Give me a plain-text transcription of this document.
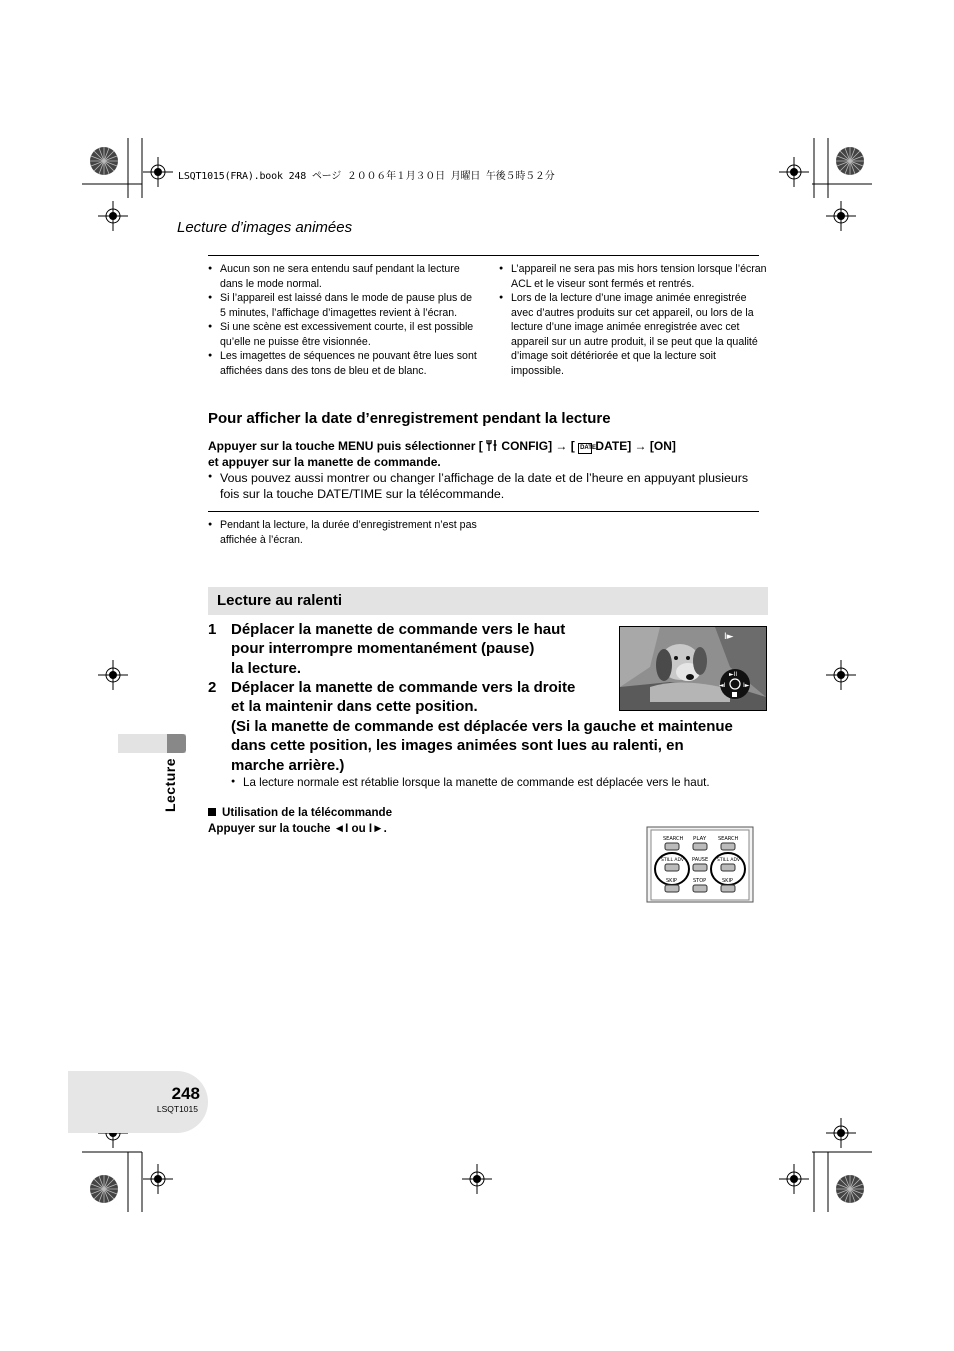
LSQT1015(FRA).book 248 ページ ２００６年１月３０日 月曜日 午後５時５２分
Lecture d’images animées
● Aucun son ne sera entendu sauf pendant la lecture dans le mode normal.
● Si l’appareil est laissé dans le mode de pause plus de 5 minutes, l’affichage d’imagettes revient à l’écran.
● Si une scène est excessivement courte, il est possible qu’elle ne puisse être visionnée.
● Les imagettes de séquences ne pouvant être lues sont affichées dans des tons de bleu et de blanc.
● L’appareil ne sera pas mis hors tension lorsque l’écran ACL et le viseur sont fermés et rentrés.
● Lors de la lecture d’une image animée enregistrée avec d’autres produits sur cet appareil, ou lors de la lecture d’une image animée enregistrée avec cet appareil sur un autre produit, il se peut que la qualité d’image soit détériorée et que la lecture soit impossible.
Pour afficher la date d’enregistrement pendant la lecture
Appuyer sur la touche MENU puis sélectionner [ CONFIG] → [ DATE DATE] → [ON]
et appuyer sur la manette de commande.
● Vous pouvez aussi montrer ou changer l’affichage de la date et de l’heure en appuyant plusieurs fois sur la touche DATE/TIME sur la télécommande.
● Pendant la lecture, la durée d’enregistrement n’est pas affichée à l’écran.
Lecture au ralenti
1 Déplacer la manette de commande vers le haut
pour interrompre momentanément (pause)
la lecture.
2 Déplacer la manette de commande vers la droite
et la maintenir dans cette position.
(Si la manette de commande est déplacée vers la gauche et maintenue
dans cette position, les images animées sont lues au ralenti, en
marche arrière.)
● La lecture normale est rétablie lorsque la manette de commande est déplacée vers le haut.
I►
►II
◄I	I►
Utilisation de la télécommande
Appuyer sur la touche ◄I ou I►.
SEARCH PLAY SEARCH
STILL ADV PAUSE STILL ADV
SKIP	STOP	SKIP
Lecture
248
LSQT1015
